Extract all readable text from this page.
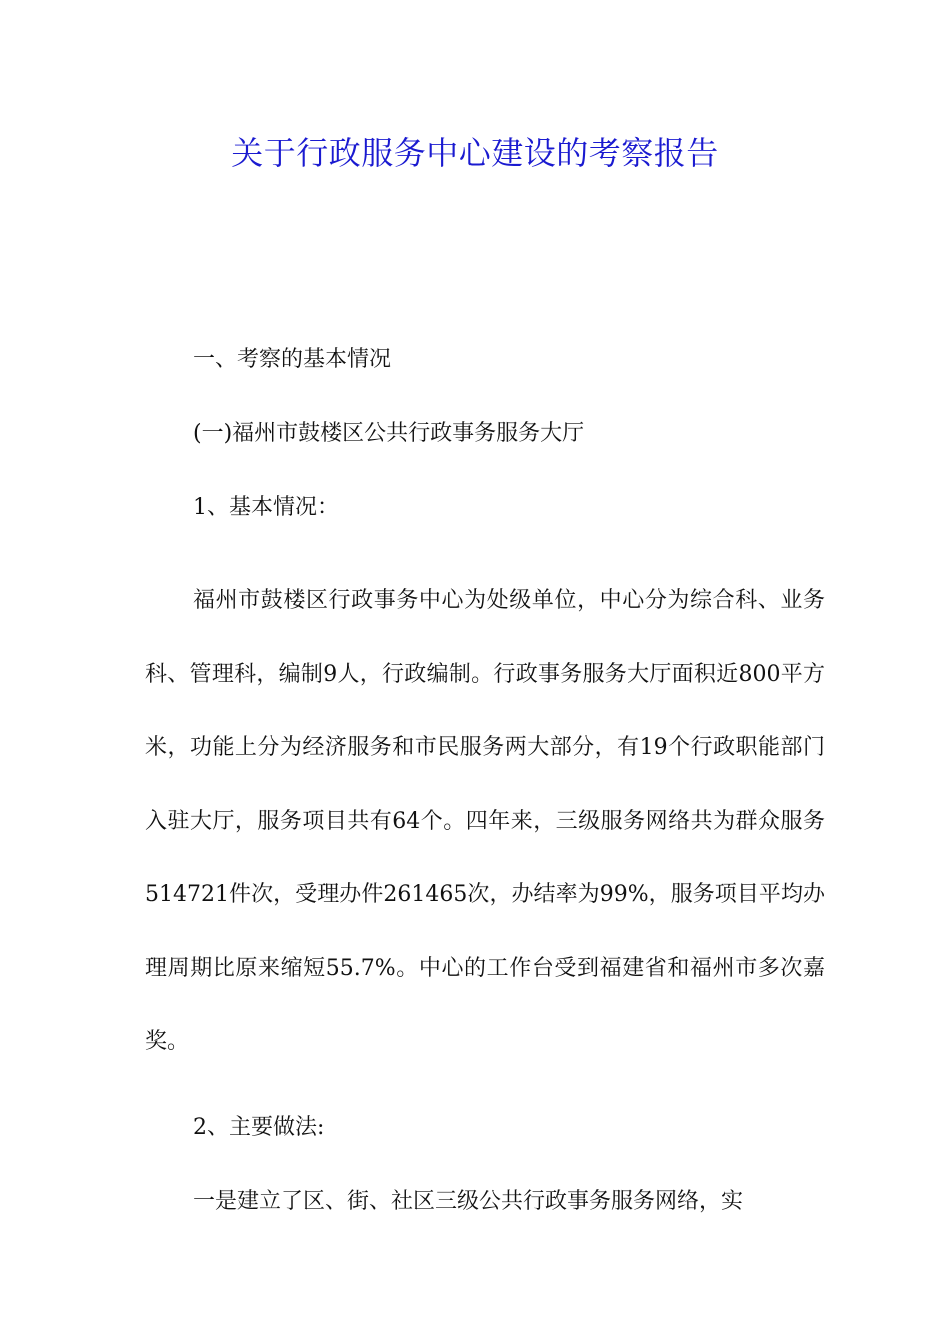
关于行政服务中心建设的考察报告

一、考察的基本情况

(一)福州市鼓楼区公共行政事务服务大厅

1、基本情况：

福州市鼓楼区行政事务中心为处级单位，中心分为综合科、业务科、管理科，编制9人，行政编制。行政事务服务大厅面积近800平方米，功能上分为经济服务和市民服务两大部分，有19个行政职能部门入驻大厅，服务项目共有64个。四年来，三级服务网络共为群众服务514721件次，受理办件261465次，办结率为99%，服务项目平均办理周期比原来缩短55.7%。中心的工作台受到福建省和福州市多次嘉奖。

2、主要做法:

一是建立了区、街、社区三级公共行政事务服务网络，实
